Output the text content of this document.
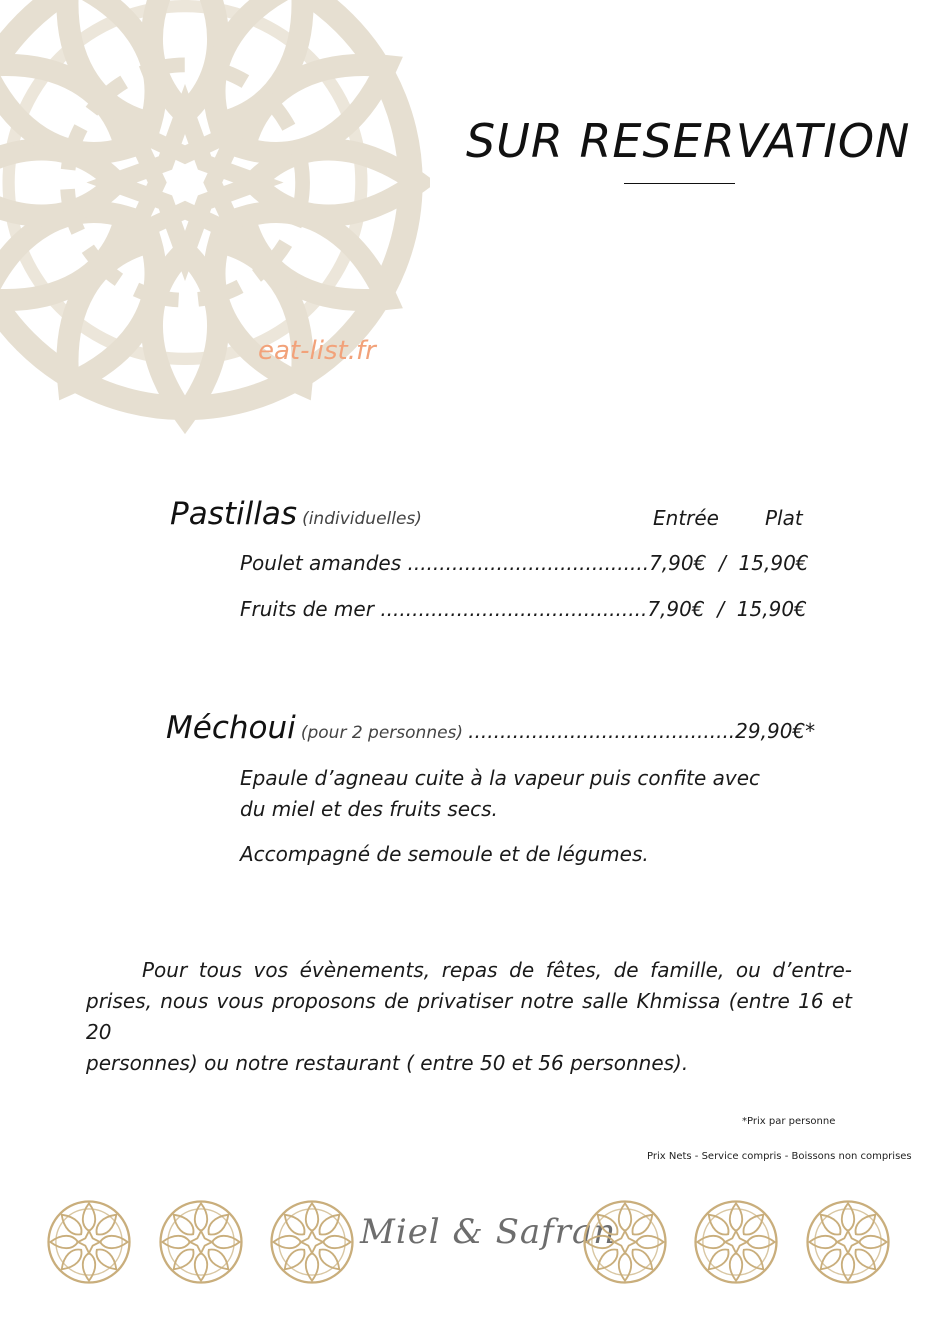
eat-list.fr
SUR RESERVATION
Pastillas (individuelles)	Entrée Plat
Poulet amandes ......................................7,90€ / 15,90€
Fruits de mer ..........................................7,90€ / 15,90€
Méchoui (pour 2 personnes) ..........................................29,90€*
Epaule d’agneau cuite à la vapeur puis confite avec
du miel et des fruits secs.
Accompagné de semoule et de légumes.
Pour tous vos évènements, repas de fêtes, de famille, ou d’entre-
prises, nous vous proposons de privatiser notre salle Khmissa (entre 16 et 20
personnes) ou notre restaurant ( entre 50 et 56 personnes).
*Prix par personne
Prix Nets - Service compris - Boissons non comprises
Miel & Safran
